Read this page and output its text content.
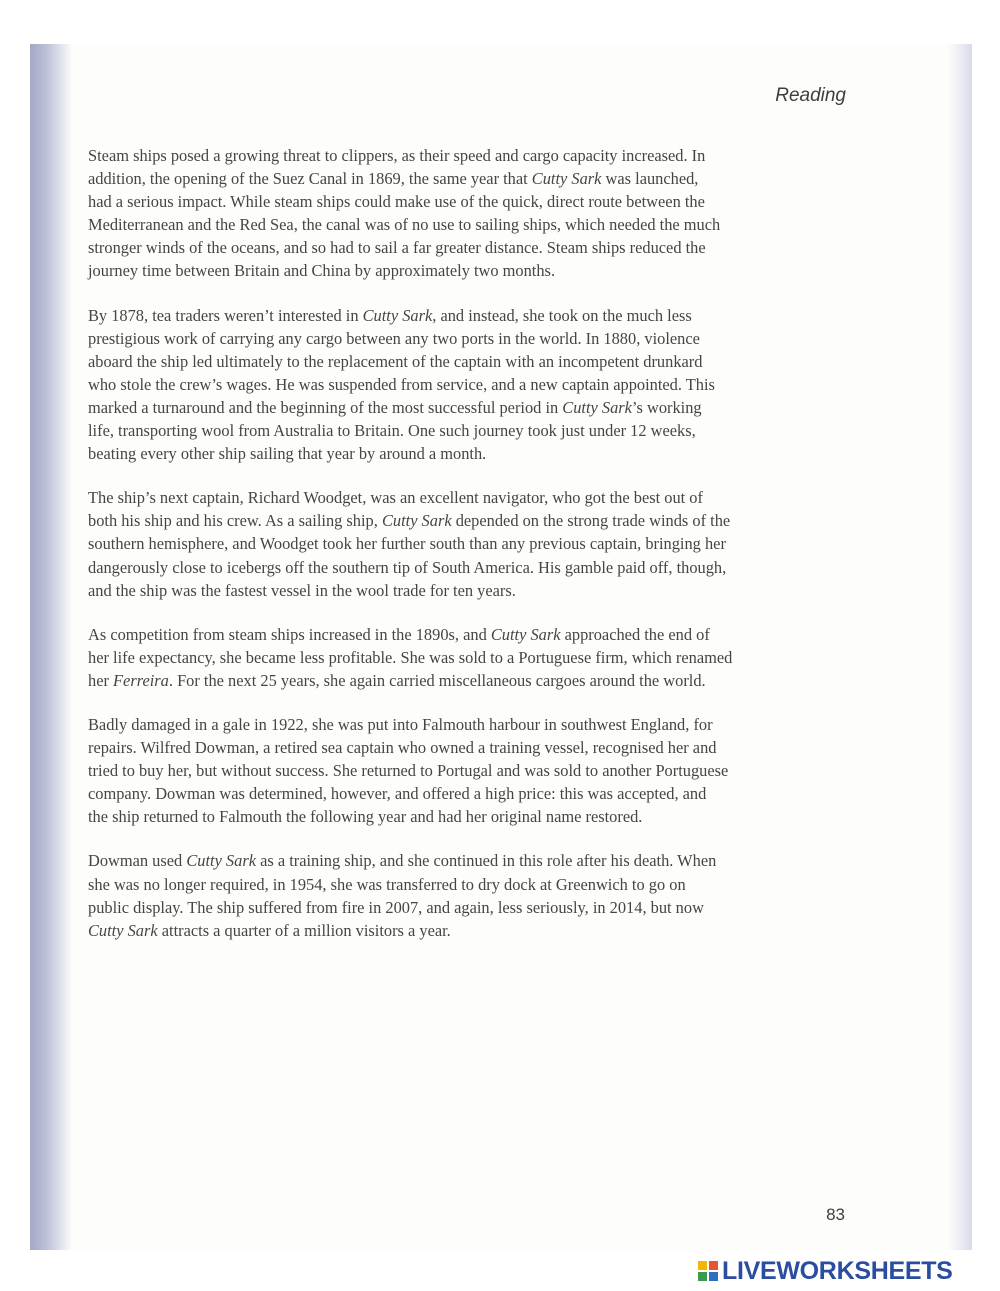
Reading

Steam ships posed a growing threat to clippers, as their speed and cargo capacity increased. In
addition, the opening of the Suez Canal in 1869, the same year that Cutty Sark was launched,
had a serious impact. While steam ships could make use of the quick, direct route between the
Mediterranean and the Red Sea, the canal was of no use to sailing ships, which needed the much
stronger winds of the oceans, and so had to sail a far greater distance. Steam ships reduced the
journey time between Britain and China by approximately two months.

By 1878, tea traders weren’t interested in Cutty Sark, and instead, she took on the much less
prestigious work of carrying any cargo between any two ports in the world. In 1880, violence
aboard the ship led ultimately to the replacement of the captain with an incompetent drunkard
who stole the crew’s wages. He was suspended from service, and a new captain appointed. This
marked a turnaround and the beginning of the most successful period in Cutty Sark’s working
life, transporting wool from Australia to Britain. One such journey took just under 12 weeks,
beating every other ship sailing that year by around a month.

The ship’s next captain, Richard Woodget, was an excellent navigator, who got the best out of
both his ship and his crew. As a sailing ship, Cutty Sark depended on the strong trade winds of the
southern hemisphere, and Woodget took her further south than any previous captain, bringing her
dangerously close to icebergs off the southern tip of South America. His gamble paid off, though,
and the ship was the fastest vessel in the wool trade for ten years.

As competition from steam ships increased in the 1890s, and Cutty Sark approached the end of
her life expectancy, she became less profitable. She was sold to a Portuguese firm, which renamed
her Ferreira. For the next 25 years, she again carried miscellaneous cargoes around the world.

Badly damaged in a gale in 1922, she was put into Falmouth harbour in southwest England, for
repairs. Wilfred Dowman, a retired sea captain who owned a training vessel, recognised her and
tried to buy her, but without success. She returned to Portugal and was sold to another Portuguese
company. Dowman was determined, however, and offered a high price: this was accepted, and
the ship returned to Falmouth the following year and had her original name restored.

Dowman used Cutty Sark as a training ship, and she continued in this role after his death. When
she was no longer required, in 1954, she was transferred to dry dock at Greenwich to go on
public display. The ship suffered from fire in 2007, and again, less seriously, in 2014, but now
Cutty Sark attracts a quarter of a million visitors a year.

83
LIVEWORKSHEETS
